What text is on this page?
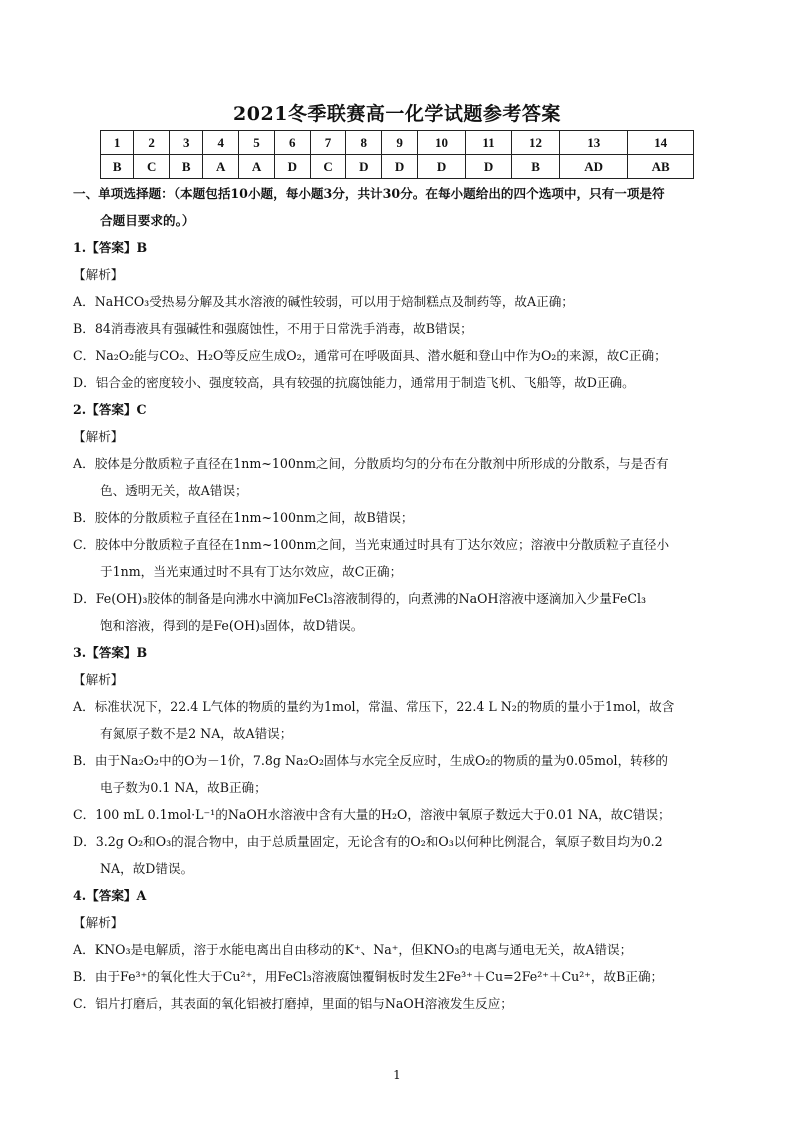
2021冬季联赛高一化学试题参考答案
1	2	3	4	5	6	7	8	9	10	11	12	13	14
B	C	B	A	A	D	C	D	D	D	D	B	AD	AB
一、单项选择题：（本题包括10小题，每小题3分，共计30分。在每小题给出的四个选项中，只有一项是符
合题目要求的。）
1.【答案】B
【解析】
A．NaHCO₃受热易分解及其水溶液的碱性较弱，可以用于焙制糕点及制药等，故A正确；
B．84消毒液具有强碱性和强腐蚀性，不用于日常洗手消毒，故B错误；
C．Na₂O₂能与CO₂、H₂O等反应生成O₂，通常可在呼吸面具、潜水艇和登山中作为O₂的来源，故C正确；
D．铝合金的密度较小、强度较高，具有较强的抗腐蚀能力，通常用于制造飞机、飞船等，故D正确。
2.【答案】C
【解析】
A．胶体是分散质粒子直径在1nm~100nm之间，分散质均匀的分布在分散剂中所形成的分散系，与是否有
色、透明无关，故A错误；
B．胶体的分散质粒子直径在1nm~100nm之间，故B错误；
C．胶体中分散质粒子直径在1nm~100nm之间，当光束通过时具有丁达尔效应；溶液中分散质粒子直径小
于1nm，当光束通过时不具有丁达尔效应，故C正确；
D．Fe(OH)₃胶体的制备是向沸水中滴加FeCl₃溶液制得的，向煮沸的NaOH溶液中逐滴加入少量FeCl₃
饱和溶液，得到的是Fe(OH)₃固体，故D错误。
3.【答案】B
【解析】
A．标准状况下，22.4 L气体的物质的量约为1mol，常温、常压下，22.4 L N₂的物质的量小于1mol，故含
有氮原子数不是2 NA，故A错误；
B．由于Na₂O₂中的O为－1价，7.8g Na₂O₂固体与水完全反应时，生成O₂的物质的量为0.05mol，转移的
电子数为0.1 NA，故B正确；
C．100 mL 0.1mol·L⁻¹的NaOH水溶液中含有大量的H₂O，溶液中氧原子数远大于0.01 NA，故C错误；
D．3.2g O₂和O₃的混合物中，由于总质量固定，无论含有的O₂和O₃以何种比例混合，氧原子数目均为0.2
NA，故D错误。
4.【答案】A
【解析】
A．KNO₃是电解质，溶于水能电离出自由移动的K⁺、Na⁺，但KNO₃的电离与通电无关，故A错误；
B．由于Fe³⁺的氧化性大于Cu²⁺，用FeCl₃溶液腐蚀覆铜板时发生2Fe³⁺＋Cu=2Fe²⁺＋Cu²⁺，故B正确；
C．铝片打磨后，其表面的氧化铝被打磨掉，里面的铝与NaOH溶液发生反应；
1
